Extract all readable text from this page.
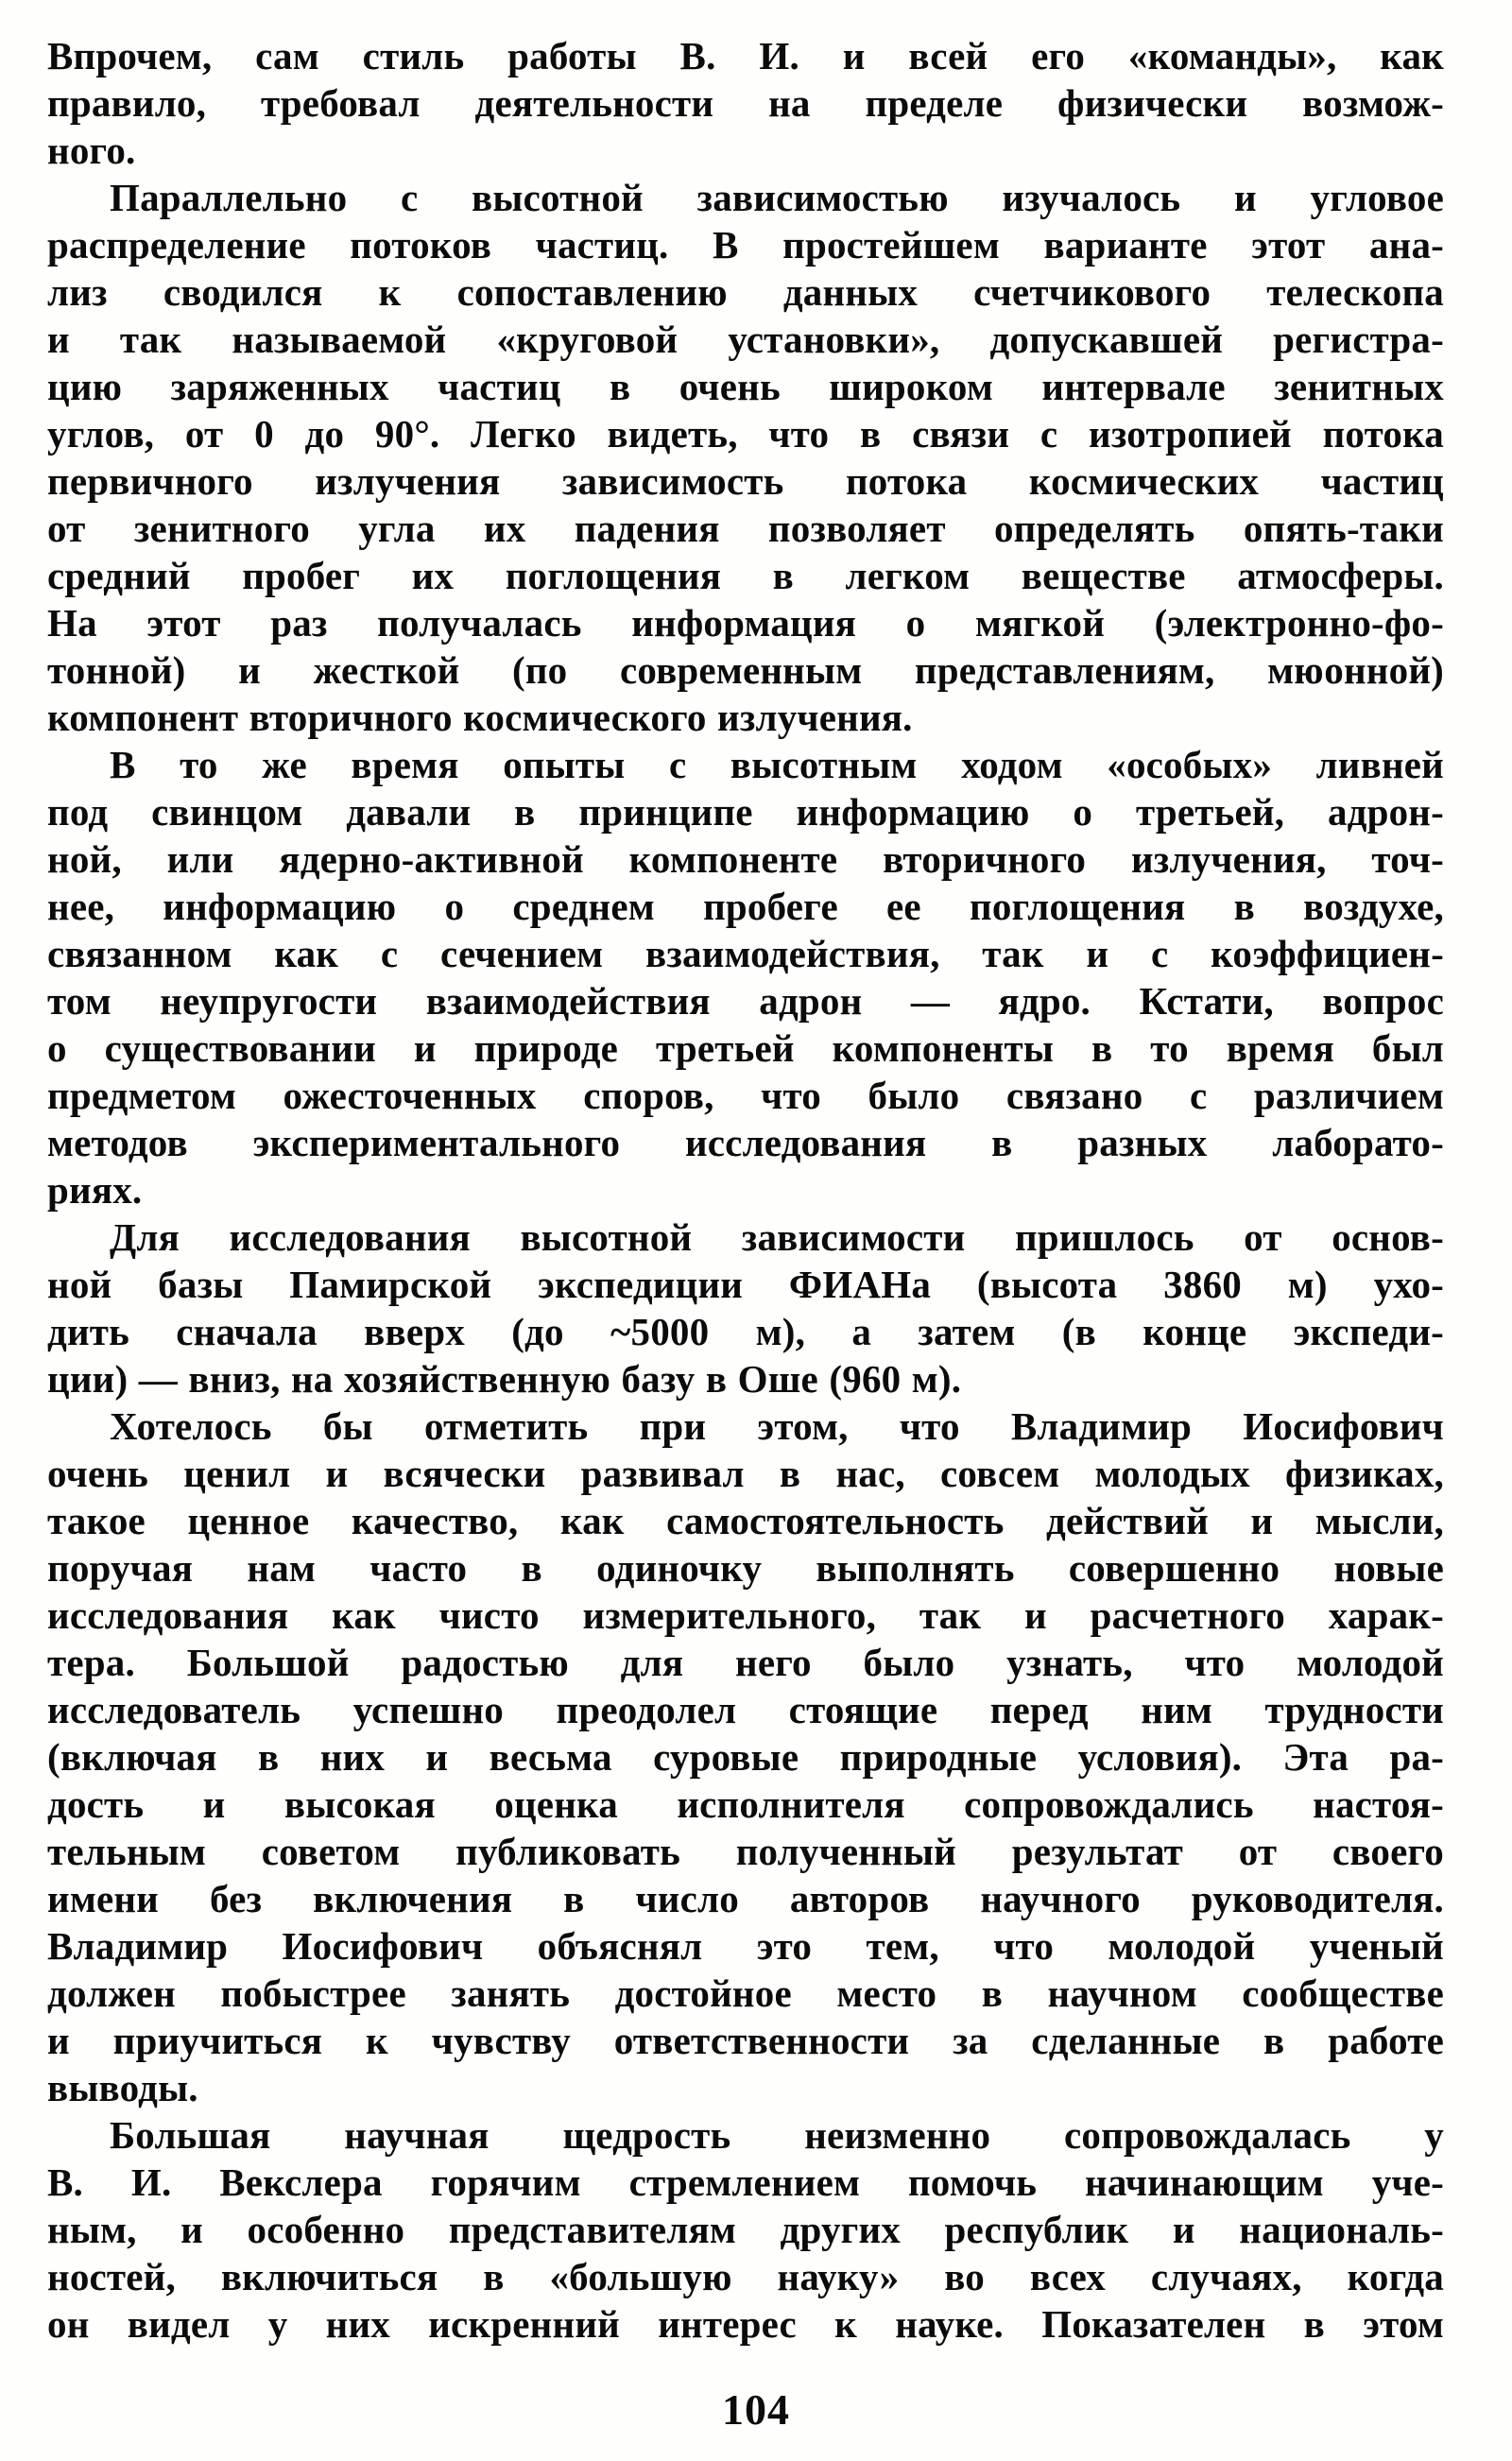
Впрочем, сам стиль работы В. И. и всей его «команды», как
правило, требовал деятельности на пределе физически возмож-
ного.
Параллельно с высотной зависимостью изучалось и угловое
распределение потоков частиц. В простейшем варианте этот ана-
лиз сводился к сопоставлению данных счетчикового телескопа
и так называемой «круговой установки», допускавшей регистра-
цию заряженных частиц в очень широком интервале зенитных
углов, от 0 до 90°. Легко видеть, что в связи с изотропией потока
первичного излучения зависимость потока космических частиц
от зенитного угла их падения позволяет определять опять-таки
средний пробег их поглощения в легком веществе атмосферы.
На этот раз получалась информация о мягкой (электронно-фо-
тонной) и жесткой (по современным представлениям, мюонной)
компонент вторичного космического излучения.
В то же время опыты с высотным ходом «особых» ливней
под свинцом давали в принципе информацию о третьей, адрон-
ной, или ядерно-активной компоненте вторичного излучения, точ-
нее, информацию о среднем пробеге ее поглощения в воздухе,
связанном как с сечением взаимодействия, так и с коэффициен-
том неупругости взаимодействия адрон — ядро. Кстати, вопрос
о существовании и природе третьей компоненты в то время был
предметом ожесточенных споров, что было связано с различием
методов экспериментального исследования в разных лаборато-
риях.
Для исследования высотной зависимости пришлось от основ-
ной базы Памирской экспедиции ФИАНа (высота 3860 м) ухо-
дить сначала вверх (до ~5000 м), а затем (в конце экспеди-
ции) — вниз, на хозяйственную базу в Оше (960 м).
Хотелось бы отметить при этом, что Владимир Иосифович
очень ценил и всячески развивал в нас, совсем молодых физиках,
такое ценное качество, как самостоятельность действий и мысли,
поручая нам часто в одиночку выполнять совершенно новые
исследования как чисто измерительного, так и расчетного харак-
тера. Большой радостью для него было узнать, что молодой
исследователь успешно преодолел стоящие перед ним трудности
(включая в них и весьма суровые природные условия). Эта ра-
дость и высокая оценка исполнителя сопровождались настоя-
тельным советом публиковать полученный результат от своего
имени без включения в число авторов научного руководителя.
Владимир Иосифович объяснял это тем, что молодой ученый
должен побыстрее занять достойное место в научном сообществе
и приучиться к чувству ответственности за сделанные в работе
выводы.
Большая научная щедрость неизменно сопровождалась у
В. И. Векслера горячим стремлением помочь начинающим уче-
ным, и особенно представителям других республик и националь-
ностей, включиться в «большую науку» во всех случаях, когда
он видел у них искренний интерес к науке. Показателен в этом
104
